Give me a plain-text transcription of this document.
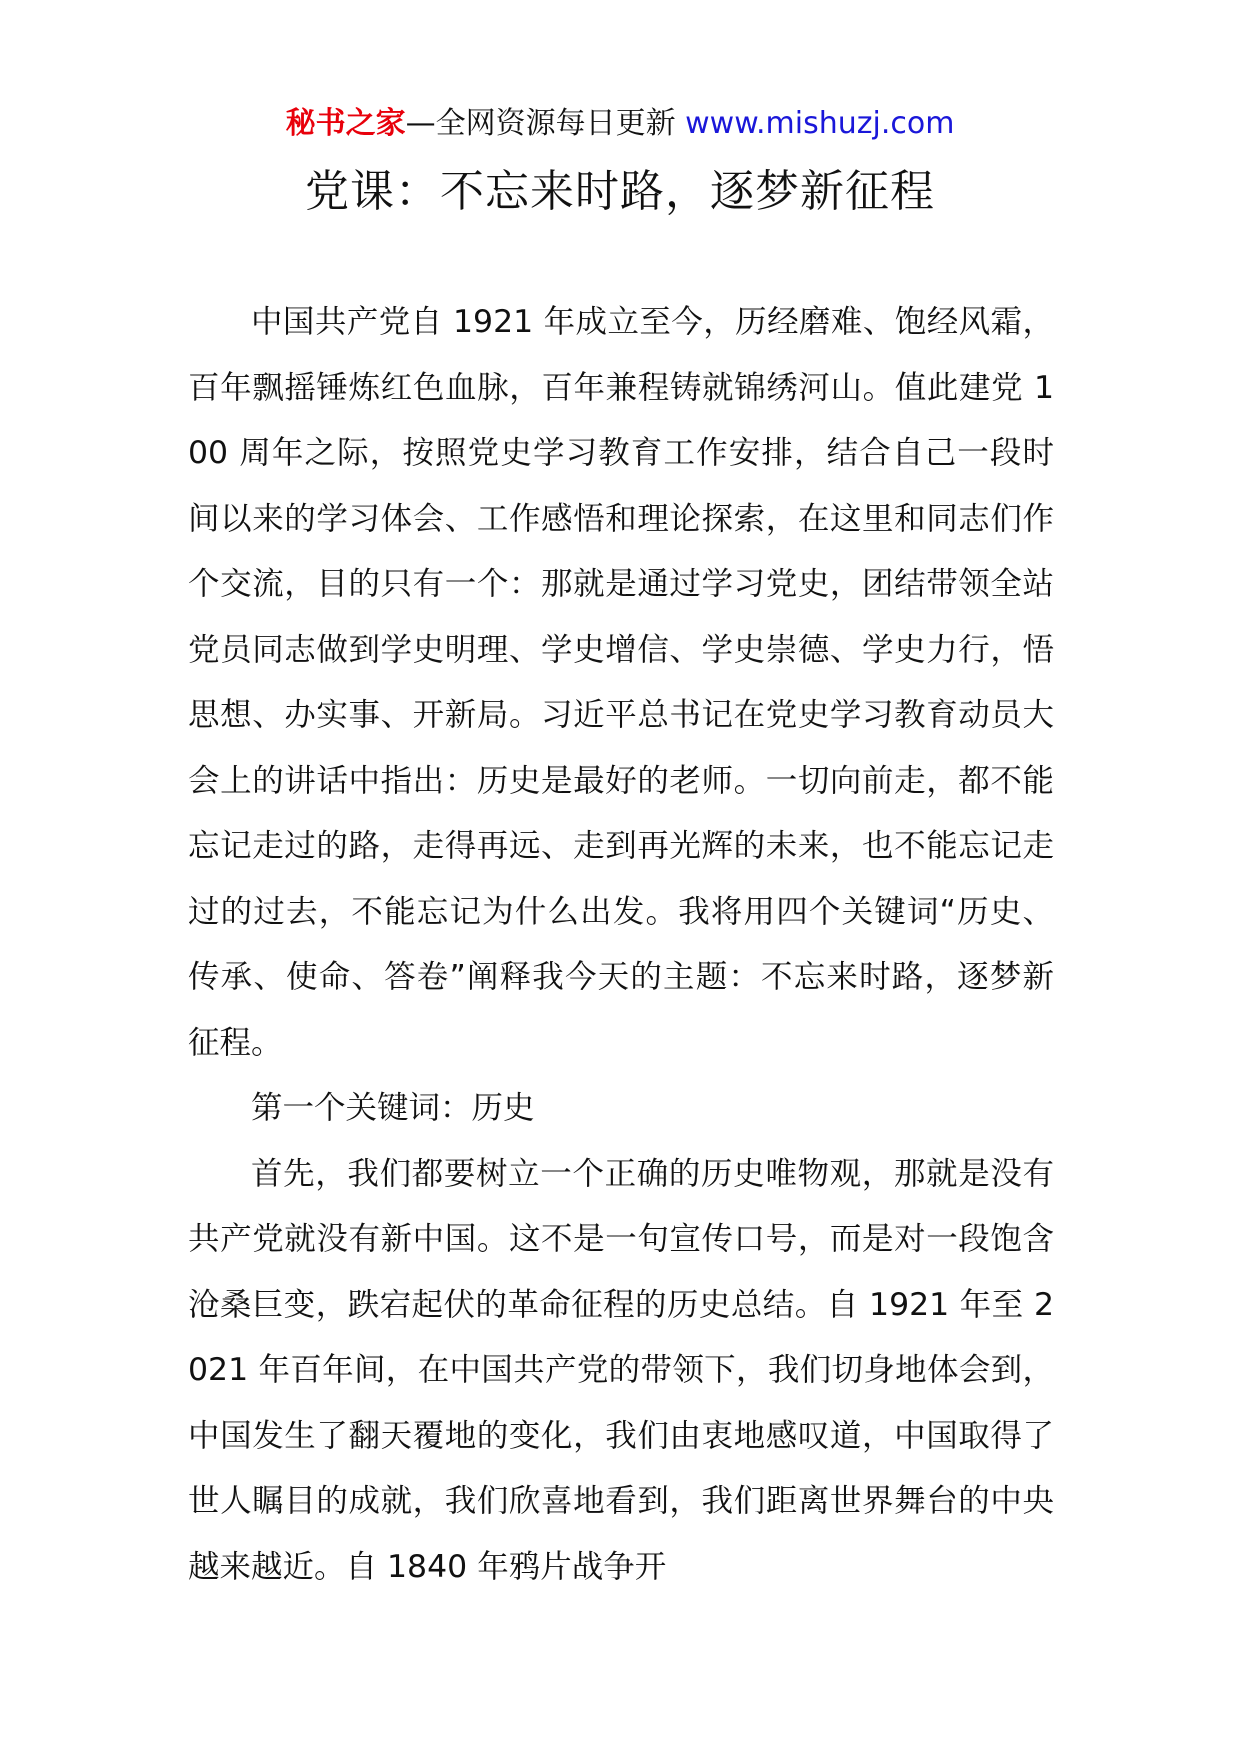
秘书之家—全网资源每日更新 www.mishuzj.com
党课：不忘来时路，逐梦新征程

中国共产党自 1921 年成立至今，历经磨难、饱经风霜，百年飘摇锤炼红色血脉，百年兼程铸就锦绣河山。值此建党 100 周年之际，按照党史学习教育工作安排，结合自己一段时间以来的学习体会、工作感悟和理论探索，在这里和同志们作个交流，目的只有一个：那就是通过学习党史，团结带领全站党员同志做到学史明理、学史增信、学史崇德、学史力行，悟思想、办实事、开新局。习近平总书记在党史学习教育动员大会上的讲话中指出：历史是最好的老师。一切向前走，都不能忘记走过的路，走得再远、走到再光辉的未来，也不能忘记走过的过去，不能忘记为什么出发。我将用四个关键词“历史、传承、使命、答卷”阐释我今天的主题：不忘来时路，逐梦新征程。

第一个关键词：历史

首先，我们都要树立一个正确的历史唯物观，那就是没有共产党就没有新中国。这不是一句宣传口号，而是对一段饱含沧桑巨变，跌宕起伏的革命征程的历史总结。自 1921 年至 2021 年百年间，在中国共产党的带领下，我们切身地体会到，中国发生了翻天覆地的变化，我们由衷地感叹道，中国取得了世人瞩目的成就，我们欣喜地看到，我们距离世界舞台的中央越来越近。自 1840 年鸦片战争开
